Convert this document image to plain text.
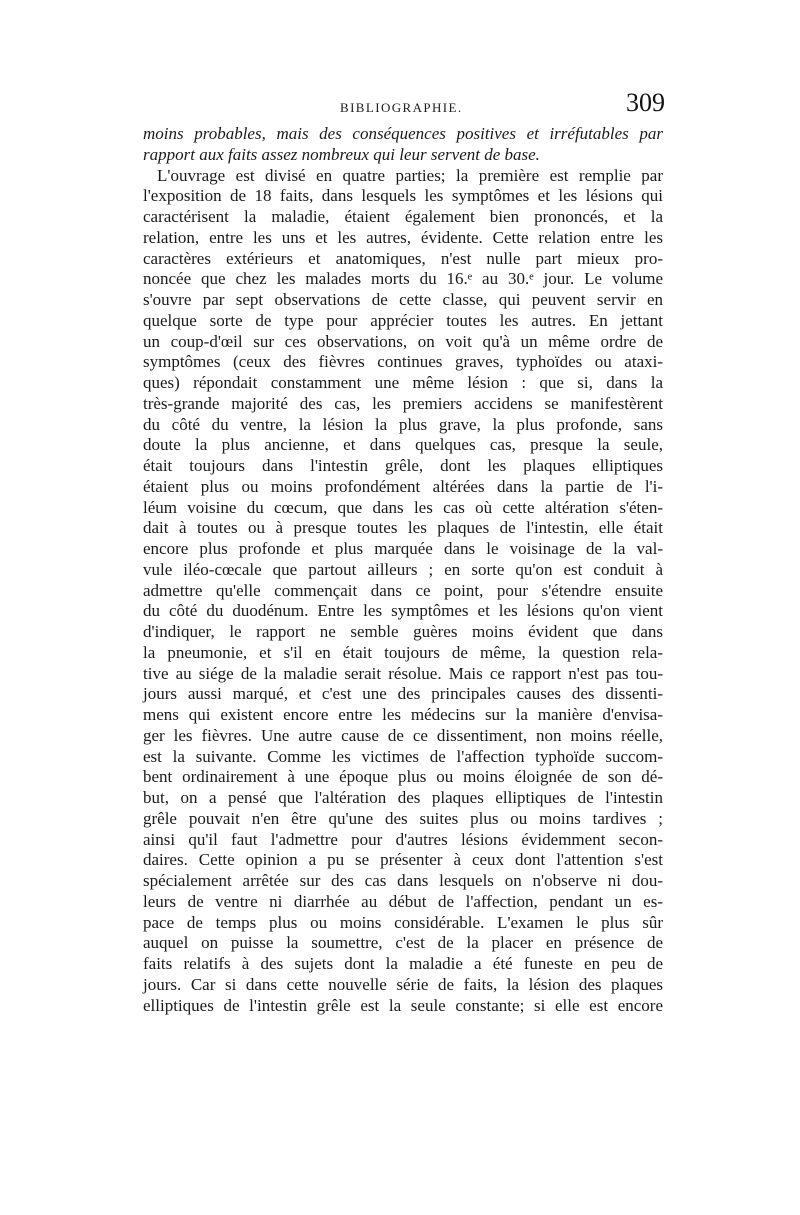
BIBLIOGRAPHIE.	309
moins probables, mais des conséquences positives et irréfutables par
rapport aux faits assez nombreux qui leur servent de base.
L'ouvrage est divisé en quatre parties; la première est remplie par
l'exposition de 18 faits, dans lesquels les symptômes et les lésions qui
caractérisent la maladie, étaient également bien prononcés, et la
relation, entre les uns et les autres, évidente. Cette relation entre les
caractères extérieurs et anatomiques, n'est nulle part mieux pro-
noncée que chez les malades morts du 16.ᵉ au 30.ᵉ jour. Le volume
s'ouvre par sept observations de cette classe, qui peuvent servir en
quelque sorte de type pour apprécier toutes les autres. En jettant
un coup-d'œil sur ces observations, on voit qu'à un même ordre de
symptômes (ceux des fièvres continues graves, typhoïdes ou ataxi-
ques) répondait constamment une même lésion : que si, dans la
très-grande majorité des cas, les premiers accidens se manifestèrent
du côté du ventre, la lésion la plus grave, la plus profonde, sans
doute la plus ancienne, et dans quelques cas, presque la seule,
était toujours dans l'intestin grêle, dont les plaques elliptiques
étaient plus ou moins profondément altérées dans la partie de l'i-
léum voisine du cœcum, que dans les cas où cette altération s'éten-
dait à toutes ou à presque toutes les plaques de l'intestin, elle était
encore plus profonde et plus marquée dans le voisinage de la val-
vule iléo-cœcale que partout ailleurs ; en sorte qu'on est conduit à
admettre qu'elle commençait dans ce point, pour s'étendre ensuite
du côté du duodénum. Entre les symptômes et les lésions qu'on vient
d'indiquer, le rapport ne semble guères moins évident que dans
la pneumonie, et s'il en était toujours de même, la question rela-
tive au siége de la maladie serait résolue. Mais ce rapport n'est pas tou-
jours aussi marqué, et c'est une des principales causes des dissenti-
mens qui existent encore entre les médecins sur la manière d'envisa-
ger les fièvres. Une autre cause de ce dissentiment, non moins réelle,
est la suivante. Comme les victimes de l'affection typhoïde succom-
bent ordinairement à une époque plus ou moins éloignée de son dé-
but, on a pensé que l'altération des plaques elliptiques de l'intestin
grêle pouvait n'en être qu'une des suites plus ou moins tardives ;
ainsi qu'il faut l'admettre pour d'autres lésions évidemment secon-
daires. Cette opinion a pu se présenter à ceux dont l'attention s'est
spécialement arrêtée sur des cas dans lesquels on n'observe ni dou-
leurs de ventre ni diarrhée au début de l'affection, pendant un es-
pace de temps plus ou moins considérable. L'examen le plus sûr
auquel on puisse la soumettre, c'est de la placer en présence de
faits relatifs à des sujets dont la maladie a été funeste en peu de
jours. Car si dans cette nouvelle série de faits, la lésion des plaques
elliptiques de l'intestin grêle est la seule constante; si elle est encore
